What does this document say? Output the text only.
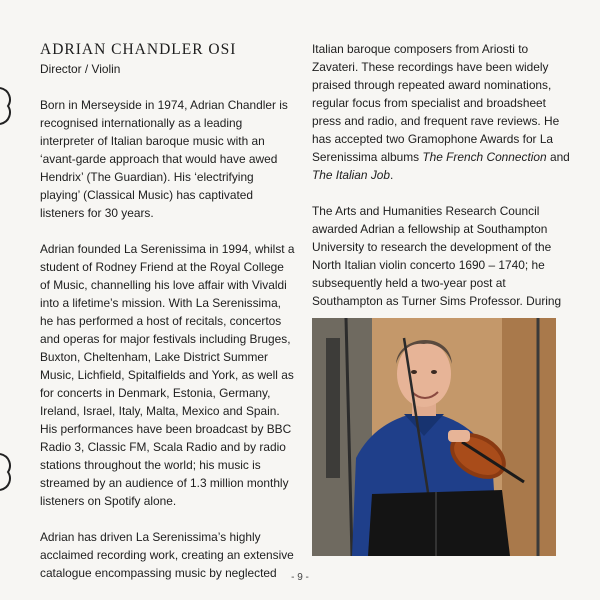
ADRIAN CHANDLER OSI

Director / Violin

Born in Merseyside in 1974, Adrian Chandler is recognised internationally as a leading interpreter of Italian baroque music with an ‘avant-garde approach that would have awed Hendrix’ (The Guardian). His ‘electrifying playing’ (Classical Music) has captivated listeners for 30 years.

Adrian founded La Serenissima in 1994, whilst a student of Rodney Friend at the Royal College of Music, channelling his love affair with Vivaldi into a lifetime’s mission. With La Serenissima, he has performed a host of recitals, concertos and operas for major festivals including Bruges, Buxton, Cheltenham, Lake District Summer Music, Lichfield, Spitalfields and York, as well as for concerts in Denmark, Estonia, Germany, Ireland, Israel, Italy, Malta, Mexico and Spain. His performances have been broadcast by BBC Radio 3, Classic FM, Scala Radio and by radio stations throughout the world; his music is streamed by an audience of 1.3 million monthly listeners on Spotify alone.

Adrian has driven La Serenissima’s highly acclaimed recording work, creating an extensive catalogue encompassing music by neglected

Italian baroque composers from Ariosti to Zavateri. These recordings have been widely praised through repeated award nominations, regular focus from specialist and broadsheet press and radio, and frequent rave reviews. He has accepted two Gramophone Awards for La Serenissima albums The French Connection and The Italian Job.

The Arts and Humanities Research Council awarded Adrian a fellowship at Southampton University to research the development of the North Italian violin concerto 1690 – 1740; he subsequently held a two-year post at Southampton as Turner Sims Professor. During

- 9 -
